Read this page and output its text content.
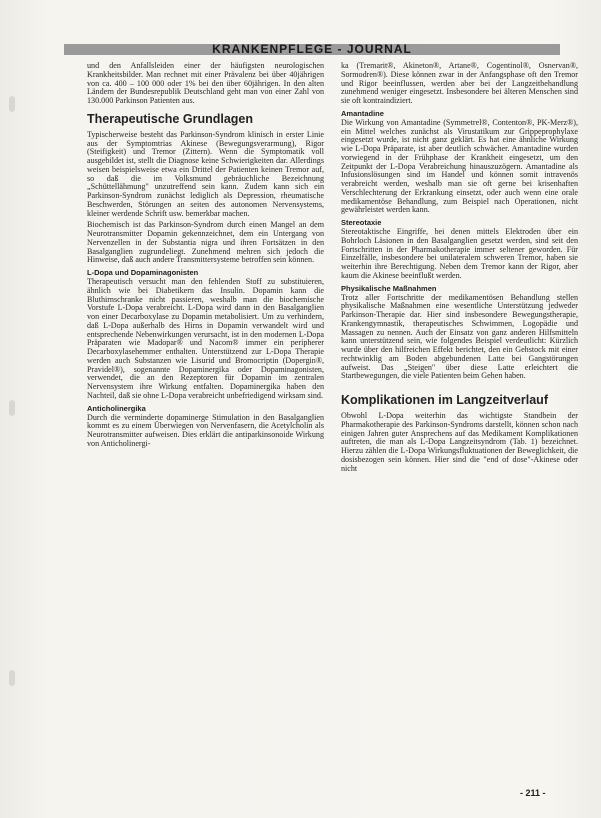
KRANKENPFLEGE - JOURNAL

und den Anfallsleiden einer der häufigsten neurologischen Krankheitsbilder. Man rechnet mit einer Prävalenz bei über 40jährigen von ca. 400 – 100 000 oder 1% bei den über 60jährigen. In den alten Ländern der Bundesrepublik Deutschland geht man von einer Zahl von 130.000 Parkinson Patienten aus.

Therapeutische Grundlagen

Typischerweise besteht das Parkinson-Syndrom klinisch in erster Linie aus der Symptomtrias Akinese (Bewegungsverarmung), Rigor (Steifigkeit) und Tremor (Zittern). Wenn die Symptomatik voll ausgebildet ist, stellt die Diagnose keine Schwierigkeiten dar. Allerdings weisen beispielsweise etwa ein Drittel der Patienten keinen Tremor auf, so daß die im Volksmund gebräuchliche Bezeichnung „Schüttellähmung" unzutreffend sein kann. Zudem kann sich ein Parkinson-Syndrom zunächst lediglich als Depression, rheumatische Beschwerden, Störungen an seiten des autonomen Nervensystems, kleiner werdende Schrift usw. bemerkbar machen.

Biochemisch ist das Parkinson-Syndrom durch einen Mangel an dem Neurotransmitter Dopamin gekennzeichnet, dem ein Untergang von Nervenzellen in der Substantia nigra und ihren Fortsätzen in den Basalganglien zugrundeliegt. Zunehmend mehren sich jedoch die Hinweise, daß auch andere Transmittersysteme betroffen sein können.

L-Dopa und Dopaminagonisten

Therapeutisch versucht man den fehlenden Stoff zu substituieren, ähnlich wie bei Diabetikern das Insulin. Dopamin kann die Bluthirnschranke nicht passieren, weshalb man die biochemische Vorstufe L-Dopa verabreicht. L-Dopa wird dann in den Basalganglien von einer Decarboxylase zu Dopamin metabolisiert. Um zu verhindern, daß L-Dopa außerhalb des Hirns in Dopamin verwandelt wird und entsprechende Nebenwirkungen verursacht, ist in den modernen L-Dopa Präparaten wie Madopar® und Nacom® immer ein peripherer Decarboxylasehemmer enthalten. Unterstützend zur L-Dopa Therapie werden auch Substanzen wie Lisurid und Bromocriptin (Dopergin®, Pravidel®), sogenannte Dopaminergika oder Dopaminagonisten, verwendet, die an den Rezeptoren für Dopamin im zentralen Nervensystem ihre Wirkung entfalten. Dopaminergika haben den Nachteil, daß sie ohne L-Dopa verabreicht unbefriedigend wirksam sind.

Anticholinergika

Durch die verminderte dopaminerge Stimulation in den Basalganglien kommt es zu einem Überwiegen von Nervenfasern, die Acetylcholin als Neurotransmitter aufweisen. Dies erklärt die antiparkinsonoide Wirkung von Anticholinergi-

ka (Tremarit®, Akineton®, Artane®, Cogentinol®, Osnervan®, Sormodren®). Diese können zwar in der Anfangsphase oft den Tremor und Rigor beeinflussen, werden aber bei der Langzeitbehandlung zunehmend weniger eingesetzt. Insbesondere bei älteren Menschen sind sie oft kontraindiziert.

Amantadine

Die Wirkung von Amantadine (Symmetrel®, Contenton®, PK-Merz®), ein Mittel welches zunächst als Virustatikum zur Grippeprophylaxe eingesetzt wurde, ist nicht ganz geklärt. Es hat eine ähnliche Wirkung wie L-Dopa Präparate, ist aber deutlich schwächer. Amantadine wurden vorwiegend in der Frühphase der Krankheit eingesetzt, um den Zeitpunkt der L-Dopa Verabreichung hinauszuzögern. Amantadine als Infusionslösungen sind im Handel und können somit intravenös verabreicht werden, weshalb man sie oft gerne bei krisenhaften Verschlechterung der Erkrankung einsetzt, oder auch wenn eine orale medikamentöse Behandlung, zum Beispiel nach Operationen, nicht gewährleistet werden kann.

Stereotaxie

Stereotaktische Eingriffe, bei denen mittels Elektroden über ein Bohrloch Läsionen in den Basalganglien gesetzt werden, sind seit den Fortschritten in der Pharmakotherapie immer seltener geworden. Für Einzelfälle, insbesondere bei unilateralem schweren Tremor, haben sie weiterhin ihre Berechtigung. Neben dem Tremor kann der Rigor, aber kaum die Akinese beeinflußt werden.

Physikalische Maßnahmen

Trotz aller Fortschritte der medikamentösen Behandlung stellen physikalische Maßnahmen eine wesentliche Unterstützung jedweder Parkinson-Therapie dar. Hier sind insbesondere Bewegungstherapie, Krankengymnastik, therapeutisches Schwimmen, Logopädie und Massagen zu nennen. Auch der Einsatz von ganz anderen Hilfsmitteln kann unterstützend sein, wie folgendes Beispiel verdeutlicht: Kürzlich wurde über den hilfreichen Effekt berichtet, den ein Gehstock mit einer rechtwinklig am Boden abgebundenen Latte bei Gangstörungen aufweist. Das „Steigen" über diese Latte erleichtert die Startbewegungen, die viele Patienten beim Gehen haben.

Komplikationen im Langzeitverlauf

Obwohl L-Dopa weiterhin das wichtigste Standbein der Pharmakotherapie des Parkinson-Syndroms darstellt, können schon nach einigen Jahren guter Ansprechens auf das Medikament Komplikationen auftreten, die man als L-Dopa Langzeitsyndrom (Tab. 1) bezeichnet. Hierzu zählen die L-Dopa Wirkungsfluktuationen der Beweglichkeit, die dosisbezogen sein können. Hier sind die "end of dose"-Akinese oder nicht

- 211 -
